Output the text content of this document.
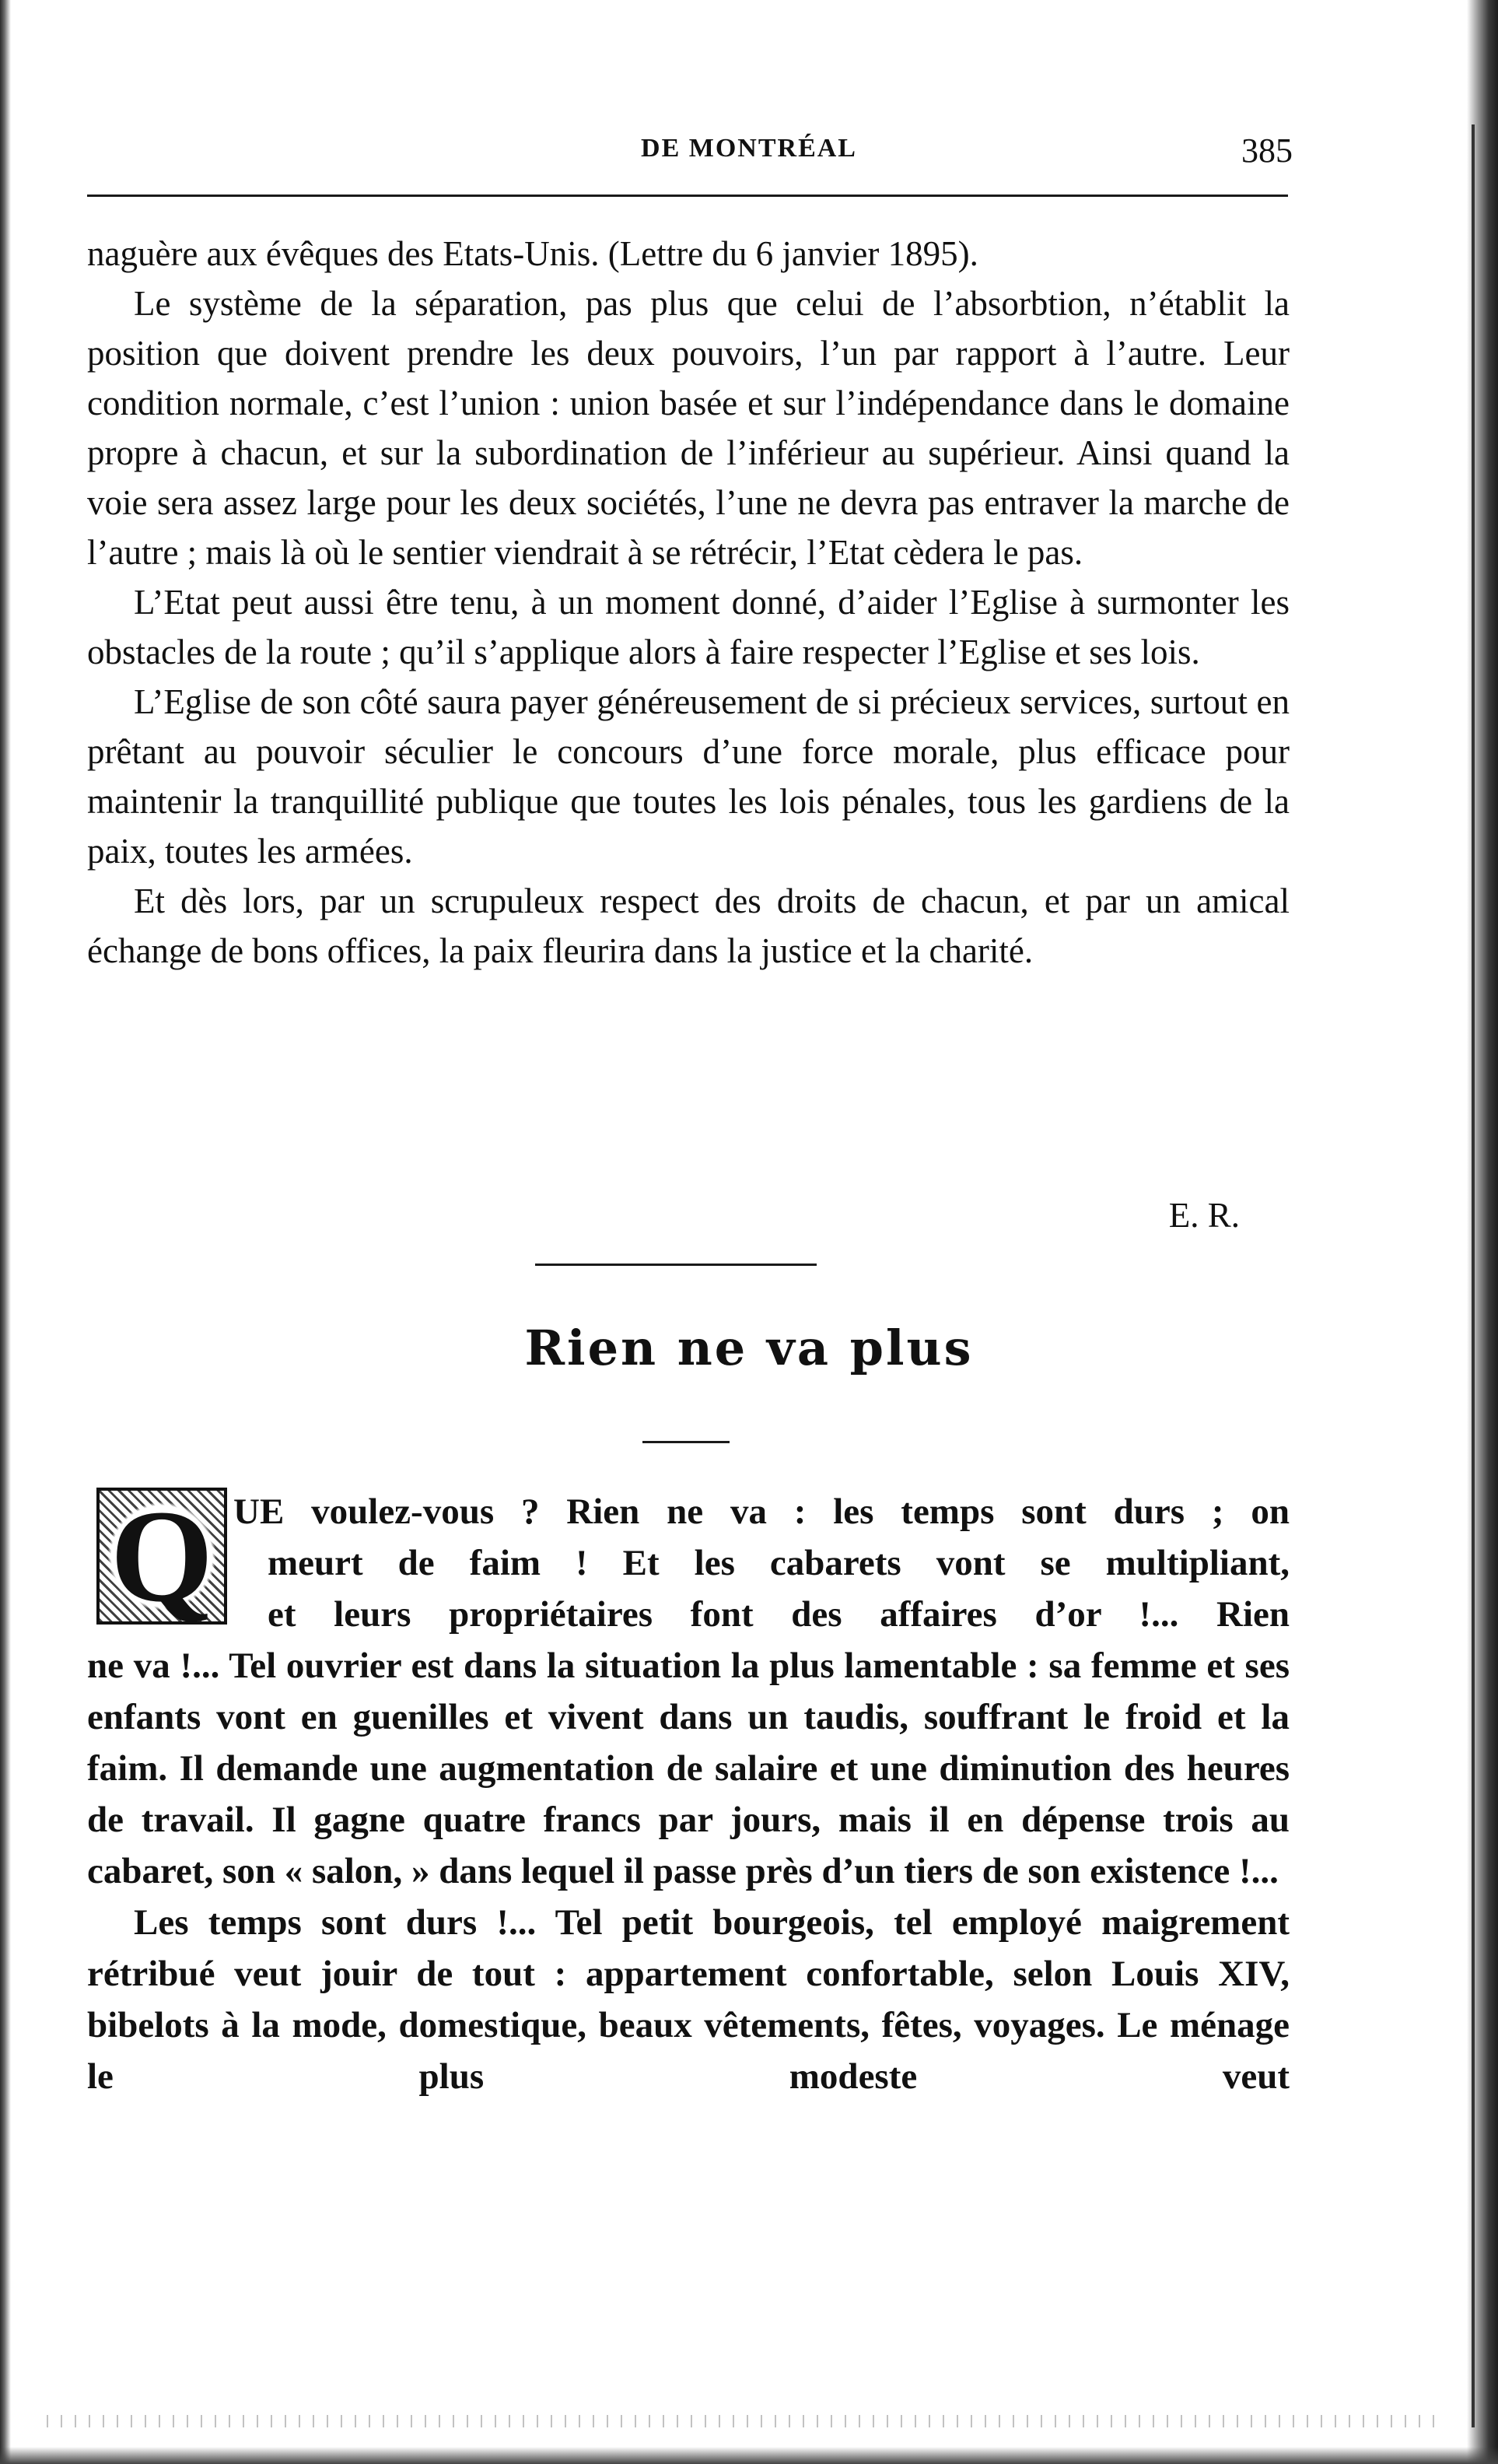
DE MONTRÉAL	385

naguère aux évêques des Etats-Unis. (Lettre du 6 janvier 1895).

Le système de la séparation, pas plus que celui de l’absorbtion, n’établit la position que doivent prendre les deux pouvoirs, l’un par rapport à l’autre. Leur condition normale, c’est l’union : union basée et sur l’indépendance dans le domaine propre à chacun, et sur la subordination de l’inférieur au supérieur. Ainsi quand la voie sera assez large pour les deux sociétés, l’une ne devra pas entraver la marche de l’autre ; mais là où le sentier viendrait à se rétrécir, l’Etat cèdera le pas.

L’Etat peut aussi être tenu, à un moment donné, d’aider l’Eglise à surmonter les obstacles de la route ; qu’il s’applique alors à faire respecter l’Eglise et ses lois.

L’Eglise de son côté saura payer généreusement de si précieux services, surtout en prêtant au pouvoir séculier le concours d’une force morale, plus efficace pour maintenir la tranquillité publique que toutes les lois pénales, tous les gardiens de la paix, toutes les armées.

Et dès lors, par un scrupuleux respect des droits de chacun, et par un amical échange de bons offices, la paix fleurira dans la justice et la charité.

E. R.
Rien ne va plus
Q UE voulez-vous ? Rien ne va : les temps sont durs ; on
meurt de faim ! Et les cabarets vont se multipliant,
et leurs propriétaires font des affaires d’or !... Rien

ne va !... Tel ouvrier est dans la situation la plus lamentable : sa femme et ses enfants vont en guenilles et vivent dans un taudis, souffrant le froid et la faim. Il demande une augmentation de salaire et une diminution des heures de travail. Il gagne quatre francs par jours, mais il en dépense trois au cabaret, son « salon, » dans lequel il passe près d’un tiers de son existence !...

Les temps sont durs !... Tel petit bourgeois, tel employé maigrement rétribué veut jouir de tout : appartement confortable, selon Louis XIV, bibelots à la mode, domestique, beaux vêtements, fêtes, voyages. Le ménage le plus modeste veut
